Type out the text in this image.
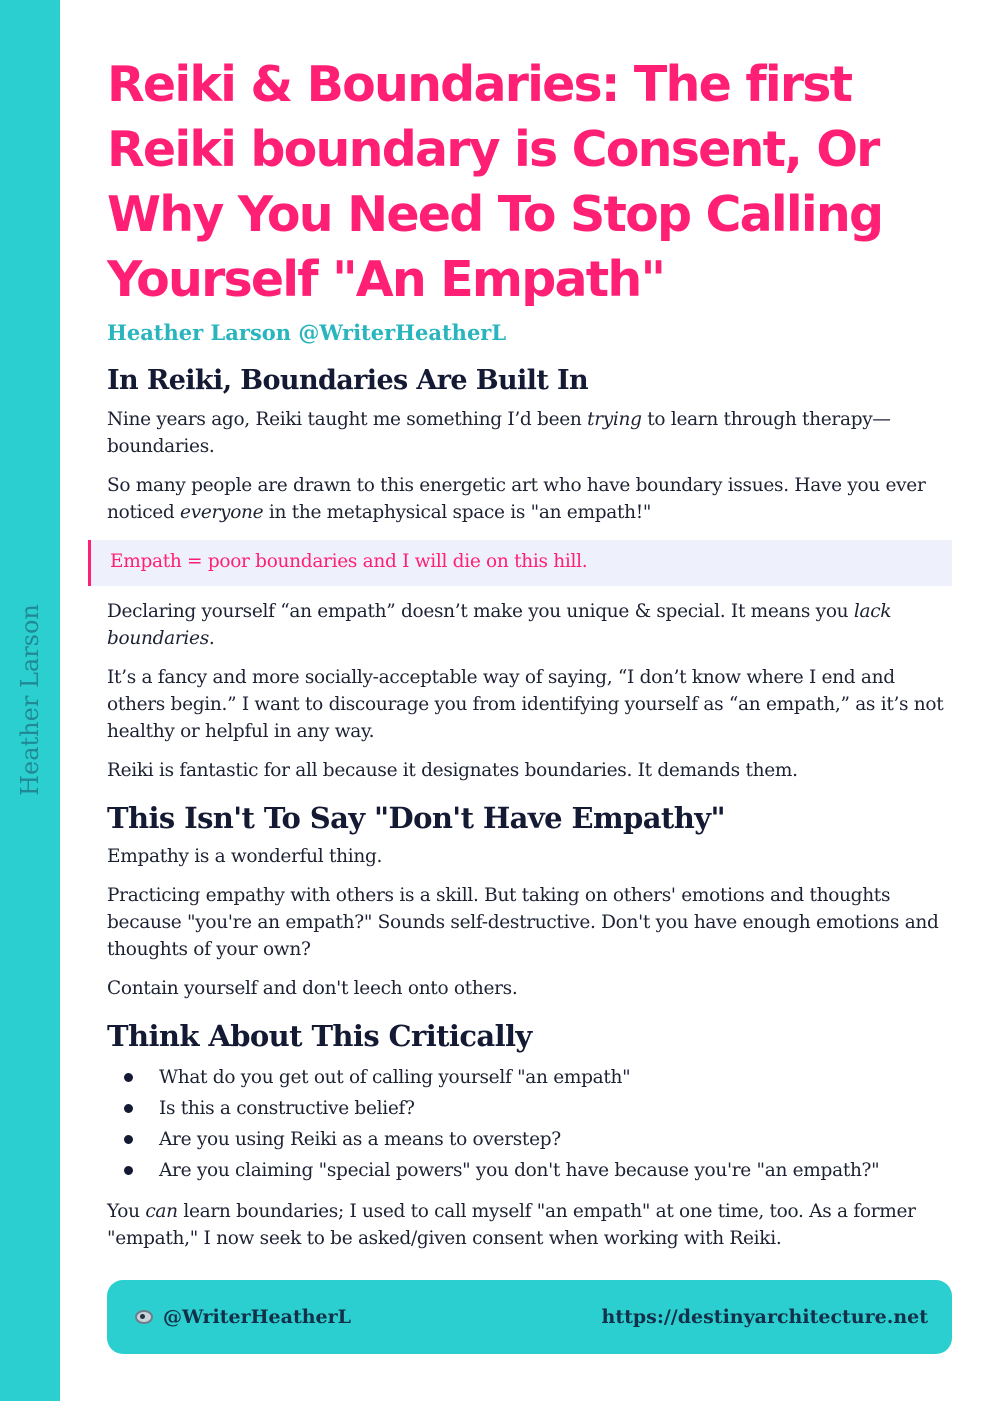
Heather Larson
Reiki & Boundaries: The first Reiki boundary is Consent, Or Why You Need To Stop Calling Yourself "An Empath"
Heather Larson @WriterHeatherL
In Reiki, Boundaries Are Built In

Nine years ago, Reiki taught me something I’d been trying to learn through therapy—boundaries.

So many people are drawn to this energetic art who have boundary issues. Have you ever noticed everyone in the metaphysical space is "an empath!"

Empath = poor boundaries and I will die on this hill.

Declaring yourself “an empath” doesn’t make you unique & special. It means you lack boundaries.

It’s a fancy and more socially-acceptable way of saying, “I don’t know where I end and others begin.” I want to discourage you from identifying yourself as “an empath,” as it’s not healthy or helpful in any way.

Reiki is fantastic for all because it designates boundaries. It demands them.

This Isn't To Say "Don't Have Empathy"

Empathy is a wonderful thing.

Practicing empathy with others is a skill. But taking on others' emotions and thoughts because "you're an empath?" Sounds self-destructive. Don't you have enough emotions and thoughts of your own?

Contain yourself and don't leech onto others.

Think About This Critically
What do you get out of calling yourself "an empath"
Is this a constructive belief?
Are you using Reiki as a means to overstep?
Are you claiming "special powers" you don't have because you're "an empath?"

You can learn boundaries; I used to call myself "an empath" at one time, too. As a former "empath," I now seek to be asked/given consent when working with Reiki.

@WriterHeatherL	https://destinyarchitecture.net
